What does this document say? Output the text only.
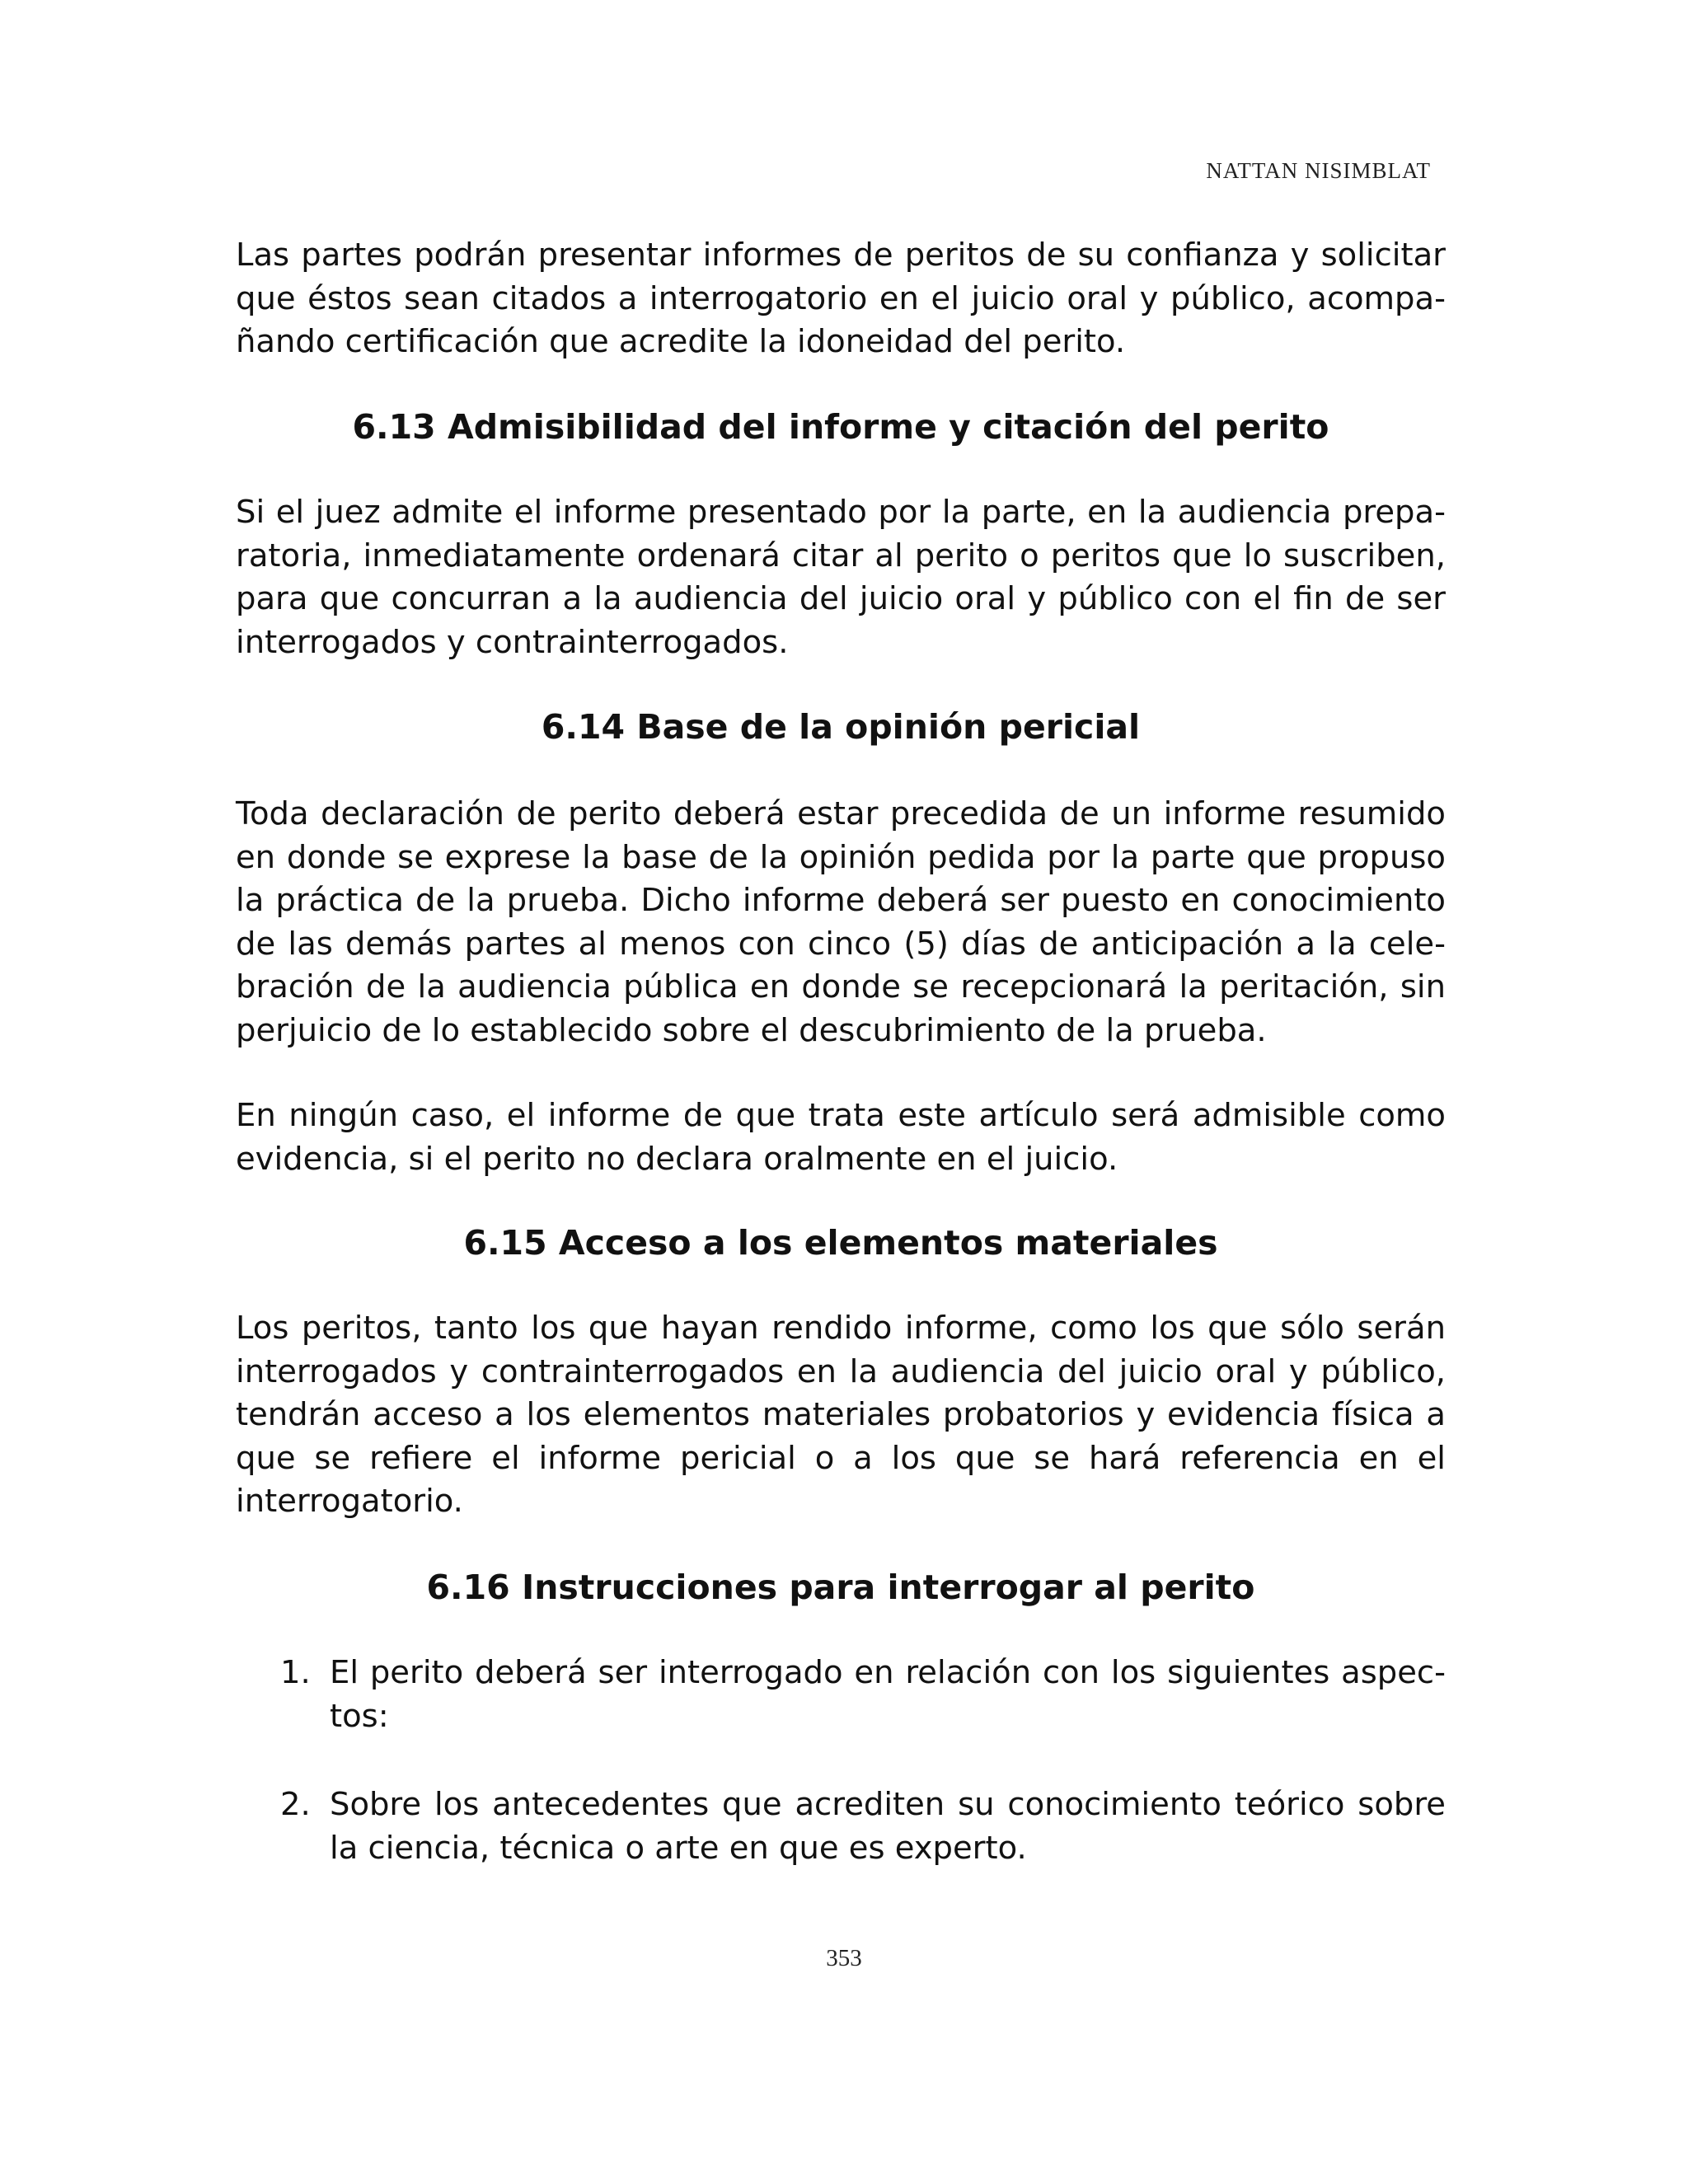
NATTAN NISIMBLAT

Las partes podrán presentar informes de peritos de su confianza y solicitar que éstos sean citados a interrogatorio en el juicio oral y público, acompañando certificación que acredite la idoneidad del perito.

6.13 Admisibilidad del informe y citación del perito

Si el juez admite el informe presentado por la parte, en la audiencia preparatoria, inmediatamente ordenará citar al perito o peritos que lo suscriben, para que concurran a la audiencia del juicio oral y público con el fin de ser interrogados y contrainterrogados.

6.14 Base de la opinión pericial

Toda declaración de perito deberá estar precedida de un informe resumido en donde se exprese la base de la opinión pedida por la parte que propuso la práctica de la prueba. Dicho informe deberá ser puesto en conocimiento de las demás partes al menos con cinco (5) días de anticipación a la celebración de la audiencia pública en donde se recepcionará la peritación, sin perjuicio de lo establecido sobre el descubrimiento de la prueba.

En ningún caso, el informe de que trata este artículo será admisible como evidencia, si el perito no declara oralmente en el juicio.

6.15 Acceso a los elementos materiales

Los peritos, tanto los que hayan rendido informe, como los que sólo serán interrogados y contrainterrogados en la audiencia del juicio oral y público, tendrán acceso a los elementos materiales probatorios y evidencia física a que se refiere el informe pericial o a los que se hará referencia en el interrogatorio.

6.16 Instrucciones para interrogar al perito
1. El perito deberá ser interrogado en relación con los siguientes aspectos:
2. Sobre los antecedentes que acrediten su conocimiento teórico sobre la ciencia, técnica o arte en que es experto.
353
